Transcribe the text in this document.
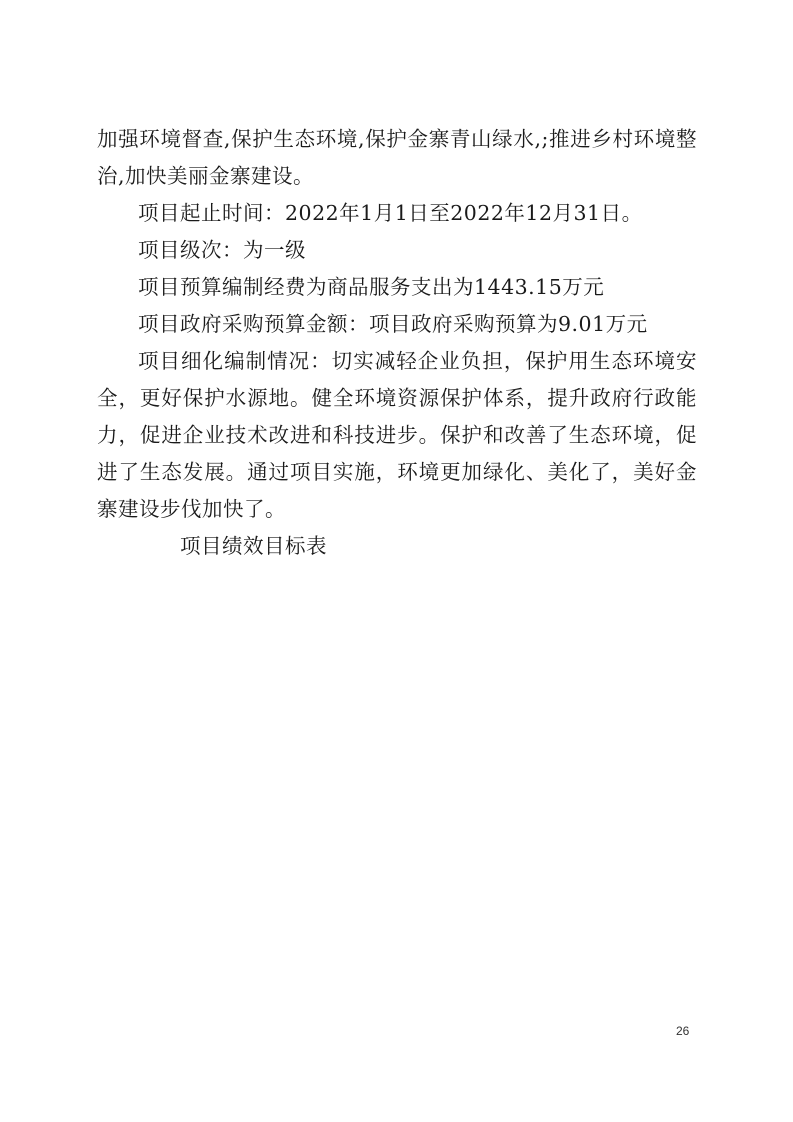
加强环境督查,保护生态环境,保护金寨青山绿水,;推进乡村环境整治,加快美丽金寨建设。

项目起止时间：2022年1月1日至2022年12月31日。

项目级次：为一级

项目预算编制经费为商品服务支出为1443.15万元

项目政府采购预算金额：项目政府采购预算为9.01万元

项目细化编制情况：切实减轻企业负担，保护用生态环境安全，更好保护水源地。健全环境资源保护体系，提升政府行政能力，促进企业技术改进和科技进步。保护和改善了生态环境，促进了生态发展。通过项目实施，环境更加绿化、美化了，美好金寨建设步伐加快了。

项目绩效目标表

26
